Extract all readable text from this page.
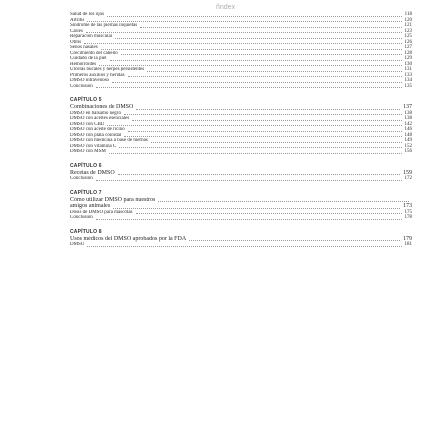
ñndex
Salud de los ojos	118
Artritis	120
Síndrome de las piernas inquietas	121
Caries	123
Reparación muscular	125
Otitis	126
Senos nasales	127
Crecimiento del cabello	128
Cuidado de la piel	129
Hemorroides	130
Úlceras bucales y herpes persistentes	131
Primeros auxilios y heridas	133
DMSO intravenoso	134
Conclusión	135
CAPÍTULO 5
Combinaciones de DMSO	137
DMSO en bálsamo negro	138
DMSO con aceites esenciales	138
DMSO con CBD	142
DMSO con aceite de ricino	146
DMSO con plata coloidal	148
DMSO con medicina a base de hierbas	149
DMSO con vitamina C	152
DMSO con MSM	156
CAPÍTULO 6
Recetas de DMSO	159
Conclusión	172
CAPÍTULO 7
Cómo utilizar DMSO para nuestros
amigos animales	173
Dosis de DMSO para mascotas	175
Conclusión	178
CAPÍTULO 8
Usos médicos del DMSO aprobados por la FDA	179
DMSO	181
